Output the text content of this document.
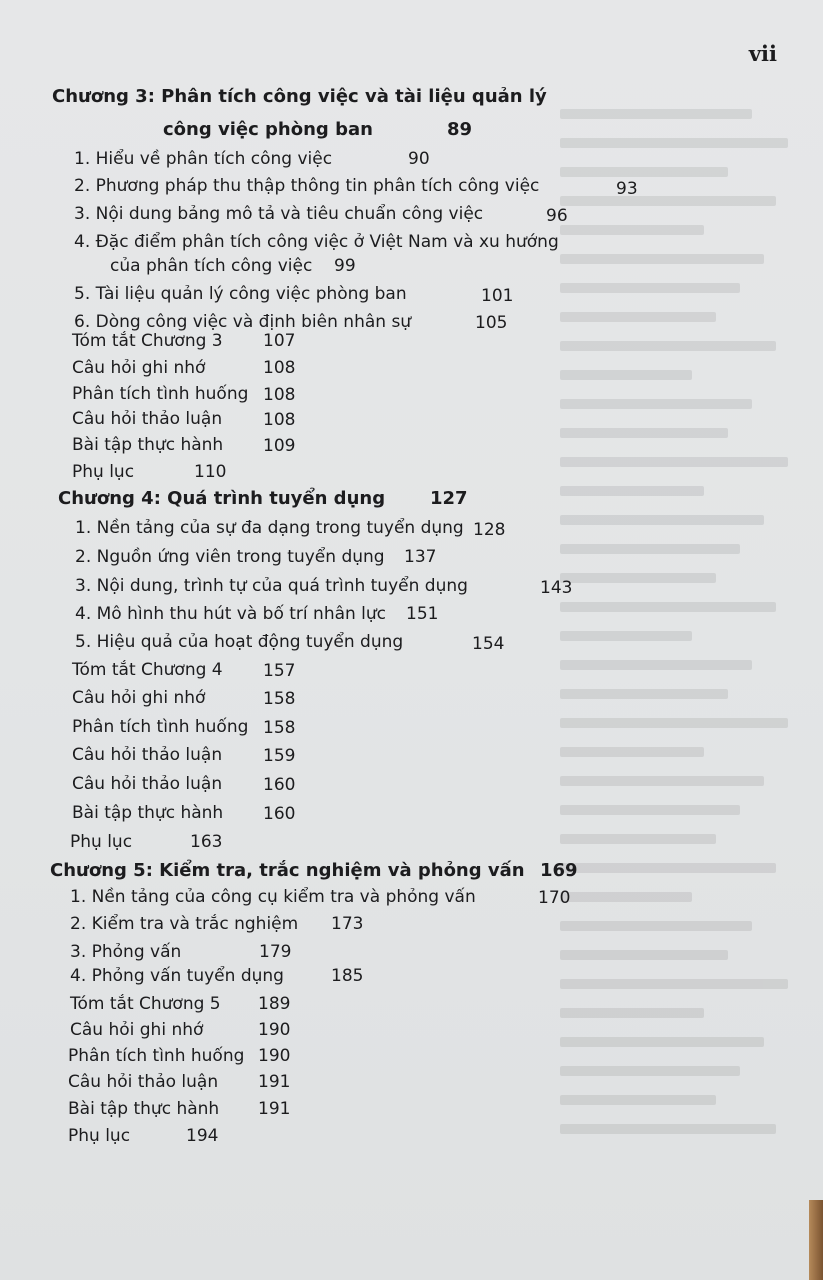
vii
Chương 3: Phân tích công việc và tài liệu quản lý
công việc phòng ban	89
1. Hiểu về phân tích công việc	90
2. Phương pháp thu thập thông tin phân tích công việc	93
3. Nội dung bảng mô tả và tiêu chuẩn công việc	96
4. Đặc điểm phân tích công việc ở Việt Nam và xu hướng
của phân tích công việc 99
5. Tài liệu quản lý công việc phòng ban	101
6. Dòng công việc và định biên nhân sự	105
Tóm tắt Chương 3 107
Câu hỏi ghi nhớ	108
Phân tích tình huống 108
Câu hỏi thảo luận 108
Bài tập thực hành 109
Phụ lục	110
Chương 4: Quá trình tuyển dụng 127
1. Nền tảng của sự đa dạng trong tuyển dụng 128
2. Nguồn ứng viên trong tuyển dụng 137
3. Nội dung, trình tự của quá trình tuyển dụng	143
4. Mô hình thu hút và bố trí nhân lực 151
5. Hiệu quả của hoạt động tuyển dụng	154
Tóm tắt Chương 4 157
Câu hỏi ghi nhớ	158
Phân tích tình huống 158
Câu hỏi thảo luận 159
Câu hỏi thảo luận 160
Bài tập thực hành 160
Phụ lục	163
Chương 5: Kiểm tra, trắc nghiệm và phỏng vấn 169
1. Nền tảng của công cụ kiểm tra và phỏng vấn	170
2. Kiểm tra và trắc nghiệm 173
3. Phỏng vấn	179
4. Phỏng vấn tuyển dụng	185
Tóm tắt Chương 5 189
Câu hỏi ghi nhớ	190
Phân tích tình huống 190
Câu hỏi thảo luận 191
Bài tập thực hành 191
Phụ lục	194
